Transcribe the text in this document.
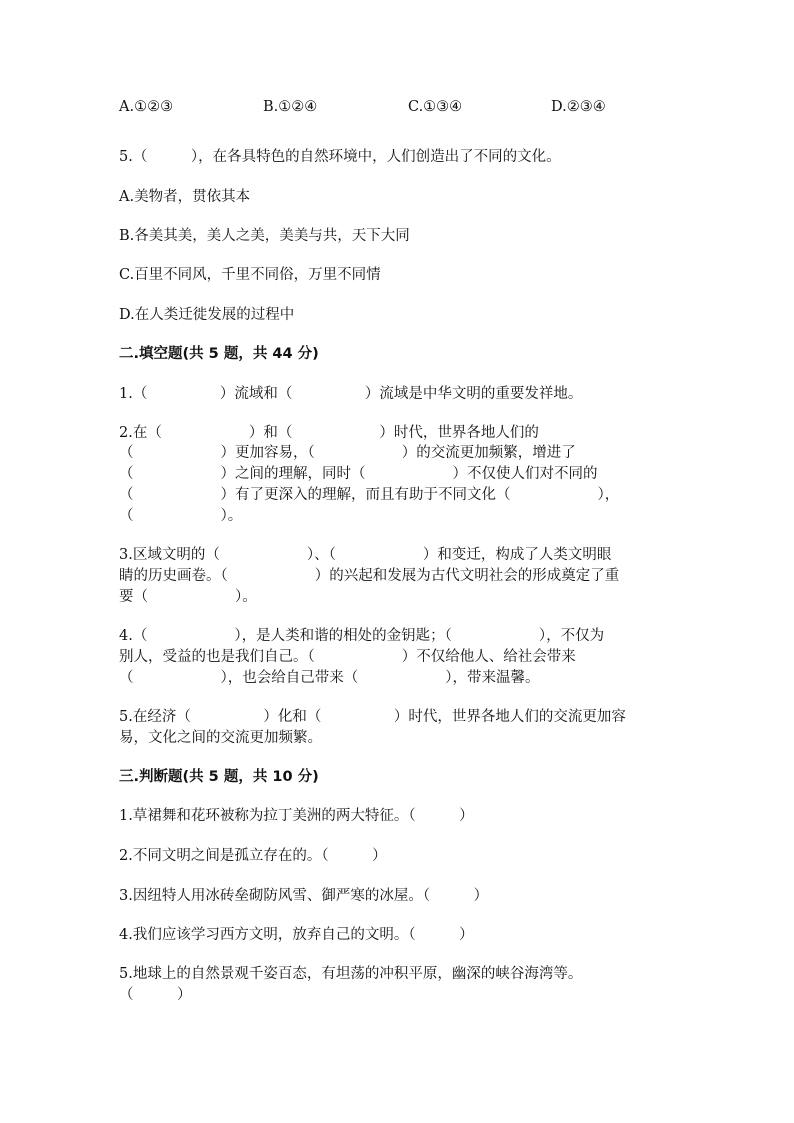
A.①②③	B.①②④	C.①③④	D.②③④

5.（　　　），在各具特色的自然环境中，人们创造出了不同的文化。

A.美物者，贯依其本

B.各美其美，美人之美，美美与共，天下大同

C.百里不同风，千里不同俗，万里不同情

D.在人类迁徙发展的过程中

二.填空题(共 5 题，共 44 分)

1.（　　　　　）流域和（　　　　　）流域是中华文明的重要发祥地。

2.在（　　　　　　）和（　　　　　　）时代，世界各地人们的

（　　　　　　）更加容易，（　　　　　　）的交流更加频繁，增进了

（　　　　　　）之间的理解，同时（　　　　　　）不仅使人们对不同的

（　　　　　　）有了更深入的理解，而且有助于不同文化（　　　　　　），

（　　　　　　）。

3.区域文明的（　　　　　　）、（　　　　　　）和变迁，构成了人类文明眼

睛的历史画卷。（　　　　　　）的兴起和发展为古代文明社会的形成奠定了重

要（　　　　　　）。

4.（　　　　　　），是人类和谐的相处的金钥匙；（　　　　　　），不仅为

别人，受益的也是我们自己。（　　　　　　）不仅给他人、给社会带来

（　　　　　　），也会给自己带来（　　　　　　），带来温馨。

5.在经济（　　　　　）化和（　　　　　）时代，世界各地人们的交流更加容

易，文化之间的交流更加频繁。

三.判断题(共 5 题，共 10 分)

1.草裙舞和花环被称为拉丁美洲的两大特征。（　　　）

2.不同文明之间是孤立存在的。（　　　）

3.因纽特人用冰砖垒砌防风雪、御严寒的冰屋。（　　　）

4.我们应该学习西方文明，放弃自己的文明。（　　　）

5.地球上的自然景观千姿百态，有坦荡的冲积平原，幽深的峡谷海湾等。

（　　　）
